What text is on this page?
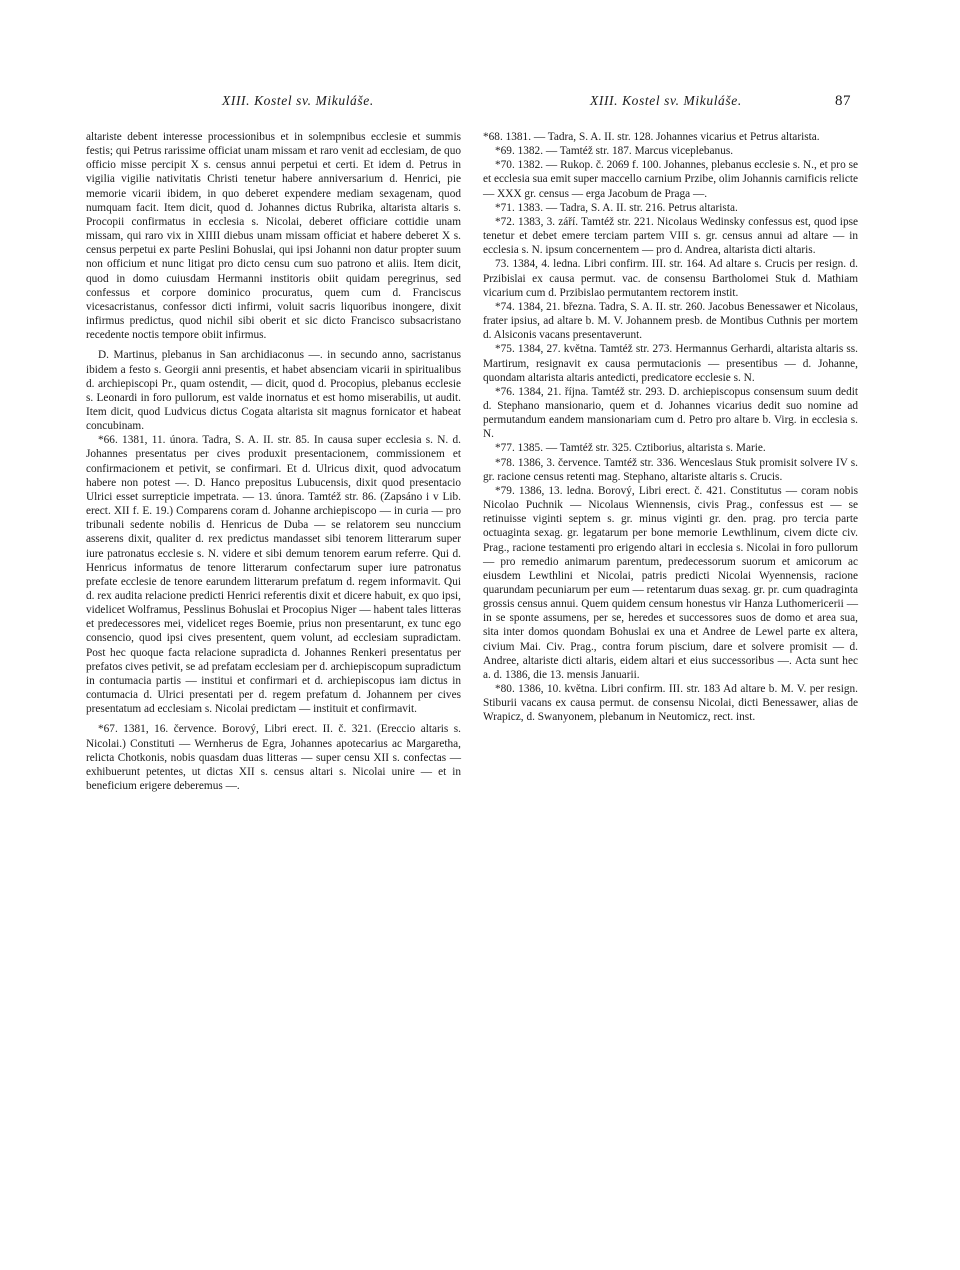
XIII. Kostel sv. Mikuláše.	XIII. Kostel sv. Mikuláše.	87

altariste debent interesse processionibus et in solempnibus ecclesie et summis festis; qui Petrus rarissime officiat unam missam et raro venit ad ecclesiam, de quo officio misse percipit X s. census annui perpetui et certi. Et idem d. Petrus in vigilia vigilie nativitatis Christi tenetur habere anniversarium d. Henrici, pie memorie vicarii ibidem, in quo deberet expendere mediam sexagenam, quod numquam facit. Item dicit, quod d. Johannes dictus Rubrika, altarista altaris s. Procopii confirmatus in ecclesia s. Nicolai, deberet officiare cottidie unam missam, qui raro vix in XIIII diebus unam missam officiat et habere deberet X s. census perpetui ex parte Peslini Bohuslai, qui ipsi Johanni non datur propter suum non officium et nunc litigat pro dicto censu cum suo patrono et aliis. Item dicit, quod in domo cuiusdam Hermanni institoris obiit quidam peregrinus, sed confessus et corpore dominico procuratus, quem cum d. Franciscus vicesacristanus, confessor dicti infirmi, voluit sacris liquoribus inongere, dixit infirmus predictus, quod nichil sibi oberit et sic dicto Francisco subsacristano recedente noctis tempore obiit infirmus.

D. Martinus, plebanus in San archidiaconus —. in secundo anno, sacristanus ibidem a festo s. Georgii anni presentis, et habet absenciam vicarii in spiritualibus d. archiepiscopi Pr., quam ostendit, — dicit, quod d. Procopius, plebanus ecclesie s. Leonardi in foro pullorum, est valde inornatus et est homo miserabilis, ut audit. Item dicit, quod Ludvicus dictus Cogata altarista sit magnus fornicator et habeat concubinam.

*66. 1381, 11. února. Tadra, S. A. II. str. 85. In causa super ecclesia s. N. d. Johannes presentatus per cives produxit presentacionem, commissionem et confirmacionem et petivit, se confirmari. Et d. Ulricus dixit, quod advocatum habere non potest —. D. Hanco prepositus Lubucensis, dixit quod presentacio Ulrici esset surrepticie impetrata. — 13. února. Tamtéž str. 86. (Zapsáno i v Lib. erect. XII f. E. 19.) Comparens coram d. Johanne archiepiscopo — in curia — pro tribunali sedente nobilis d. Henricus de Duba — se relatorem seu nunccium asserens dixit, qualiter d. rex predictus mandasset sibi tenorem litterarum super iure patronatus ecclesie s. N. videre et sibi demum tenorem earum referre. Qui d. Henricus informatus de tenore litterarum confectarum super iure patronatus prefate ecclesie de tenore earundem litterarum prefatum d. regem informavit. Qui d. rex audita relacione predicti Henrici referentis dixit et dicere habuit, ex quo ipsi, videlicet Wolframus, Pesslinus Bohuslai et Procopius Niger — habent tales litteras et predecessores mei, videlicet reges Boemie, prius non presentarunt, ex tunc ego consencio, quod ipsi cives presentent, quem volunt, ad ecclesiam supradictam. Post hec quoque facta relacione supradicta d. Johannes Renkeri presentatus per prefatos cives petivit, se ad prefatam ecclesiam per d. archiepiscopum supradictum in contumacia partis — institui et confirmari et d. archiepiscopus iam dictus in contumacia d. Ulrici presentati per d. regem prefatum d. Johannem per cives presentatum ad ecclesiam s. Nicolai predictam — instituit et confirmavit.

*67. 1381, 16. července. Borový, Libri erect. II. č. 321. (Ereccio altaris s. Nicolai.) Constituti — Wernherus de Egra, Johannes apotecarius ac Margaretha, relicta Chotkonis, nobis quasdam duas litteras — super censu XII s. confectas — exhibuerunt petentes, ut dictas XII s. census altari s. Nicolai unire — et in beneficium erigere deberemus —.

*68. 1381. — Tadra, S. A. II. str. 128. Johannes vicarius et Petrus altarista.

*69. 1382. — Tamtéž str. 187. Marcus viceplebanus.

*70. 1382. — Rukop. č. 2069 f. 100. Johannes, plebanus ecclesie s. N., et pro se et ecclesia sua emit super maccello carnium Przibe, olim Johannis carnificis relicte — XXX gr. census — erga Jacobum de Praga —.

*71. 1383. — Tadra, S. A. II. str. 216. Petrus altarista.

*72. 1383, 3. září. Tamtéž str. 221. Nicolaus Wedinsky confessus est, quod ipse tenetur et debet emere terciam partem VIII s. gr. census annui ad altare — in ecclesia s. N. ipsum concernentem — pro d. Andrea, altarista dicti altaris.

73. 1384, 4. ledna. Libri confirm. III. str. 164. Ad altare s. Crucis per resign. d. Przibislai ex causa permut. vac. de consensu Bartholomei Stuk d. Mathiam vicarium cum d. Przibislao permutantem rectorem instit.

*74. 1384, 21. března. Tadra, S. A. II. str. 260. Jacobus Benessawer et Nicolaus, frater ipsius, ad altare b. M. V. Johannem presb. de Montibus Cuthnis per mortem d. Alsiconis vacans presentaverunt.

*75. 1384, 27. května. Tamtéž str. 273. Hermannus Gerhardi, altarista altaris ss. Martirum, resignavit ex causa permutacionis — presentibus — d. Johanne, quondam altarista altaris antedicti, predicatore ecclesie s. N.

*76. 1384, 21. října. Tamtéž str. 293. D. archiepiscopus consensum suum dedit d. Stephano mansionario, quem et d. Johannes vicarius dedit suo nomine ad permutandum eandem mansionariam cum d. Petro pro altare b. Virg. in ecclesia s. N.

*77. 1385. — Tamtéž str. 325. Cztiborius, altarista s. Marie.

*78. 1386, 3. července. Tamtéž str. 336. Wenceslaus Stuk promisit solvere IV s. gr. racione census retenti mag. Stephano, altariste altaris s. Crucis.

*79. 1386, 13. ledna. Borový, Libri erect. č. 421. Constitutus — coram nobis Nicolao Puchnik — Nicolaus Wiennensis, civis Prag., confessus est — se retinuisse viginti septem s. gr. minus viginti gr. den. prag. pro tercia parte octuaginta sexag. gr. legatarum per bone memorie Lewthlinum, civem dicte civ. Prag., racione testamenti pro erigendo altari in ecclesia s. Nicolai in foro pullorum — pro remedio animarum parentum, predecessorum suorum et amicorum ac eiusdem Lewthlini et Nicolai, patris predicti Nicolai Wyennensis, racione quarundam pecuniarum per eum — retentarum duas sexag. gr. pr. cum quadraginta grossis census annui. Quem quidem censum honestus vir Hanza Luthomericerii — in se sponte assumens, per se, heredes et successores suos de domo et area sua, sita inter domos quondam Bohuslai ex una et Andree de Lewel parte ex altera, civium Mai. Civ. Prag., contra forum piscium, dare et solvere promisit — d. Andree, altariste dicti altaris, eidem altari et eius successoribus —. Acta sunt hec a. d. 1386, die 13. mensis Januarii.

*80. 1386, 10. května. Libri confirm. III. str. 183 Ad altare b. M. V. per resign. Stiburii vacans ex causa permut. de consensu Nicolai, dicti Benessawer, alias de Wrapicz, d. Swanyonem, plebanum in Neutomicz, rect. inst.
